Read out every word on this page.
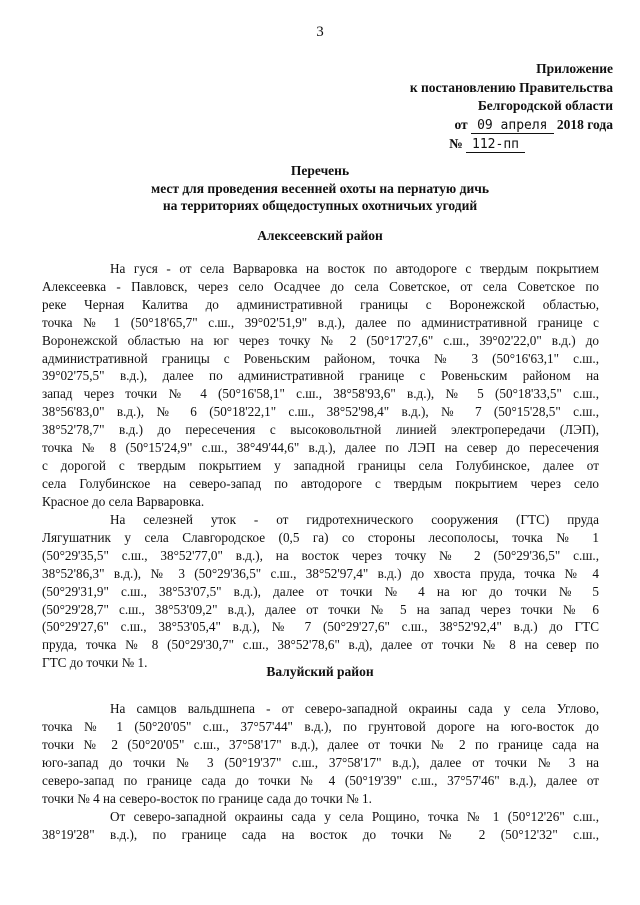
3
Приложение
к постановлению Правительства
Белгородской области
от 09 апреля 2018 года
№ 112-пп
Перечень
мест для проведения весенней охоты на пернатую дичь
на территориях общедоступных охотничьих угодий
Алексеевский район
На гуся - от села Варваровка на восток по автодороге с твердым покрытием
Алексеевка - Павловск, через село Осадчее до села Советское, от села Советское по
реке Черная Калитва до административной границы с Воронежской областью,
точка № 1 (50°18'65,7" с.ш., 39°02'51,9" в.д.), далее по административной границе с
Воронежской областью на юг через точку № 2 (50°17'27,6" с.ш., 39°02'22,0" в.д.) до
административной границы с Ровеньским районом, точка № 3 (50°16'63,1" с.ш.,
39°02'75,5" в.д.), далее по административной границе с Ровеньским районом на
запад через точки № 4 (50°16'58,1" с.ш., 38°58'93,6" в.д.), № 5 (50°18'33,5" с.ш.,
38°56'83,0" в.д.), № 6 (50°18'22,1" с.ш., 38°52'98,4" в.д.), № 7 (50°15'28,5" с.ш.,
38°52'78,7" в.д.) до пересечения с высоковольтной линией электропередачи (ЛЭП),
точка № 8 (50°15'24,9" с.ш., 38°49'44,6" в.д.), далее по ЛЭП на север до пересечения
с дорогой с твердым покрытием у западной границы села Голубинское, далее от
села Голубинское на северо-запад по автодороге с твердым покрытием через село
Красное до села Варваровка.
На селезней уток - от гидротехнического сооружения (ГТС) пруда
Лягушатник у села Славгородское (0,5 га) со стороны лесополосы, точка № 1
(50°29'35,5" с.ш., 38°52'77,0" в.д.), на восток через точку № 2 (50°29'36,5" с.ш.,
38°52'86,3" в.д.), № 3 (50°29'36,5" с.ш., 38°52'97,4" в.д.) до хвоста пруда, точка № 4
(50°29'31,9" с.ш., 38°53'07,5" в.д.), далее от точки № 4 на юг до точки № 5
(50°29'28,7" с.ш., 38°53'09,2" в.д.), далее от точки № 5 на запад через точки № 6
(50°29'27,6" с.ш., 38°53'05,4" в.д.), № 7 (50°29'27,6" с.ш., 38°52'92,4" в.д.) до ГТС
пруда, точка № 8 (50°29'30,7" с.ш., 38°52'78,6" в.д), далее от точки № 8 на север по
ГТС до точки № 1.
Валуйский район
На самцов вальдшнепа - от северо-западной окраины сада у села Углово,
точка № 1 (50°20'05" с.ш., 37°57'44" в.д.), по грунтовой дороге на юго-восток до
точки № 2 (50°20'05" с.ш., 37°58'17" в.д.), далее от точки № 2 по границе сада на
юго-запад до точки № 3 (50°19'37" с.ш., 37°58'17" в.д.), далее от точки № 3 на
северо-запад по границе сада до точки № 4 (50°19'39" с.ш., 37°57'46" в.д.), далее от
точки № 4 на северо-восток по границе сада до точки № 1.
От северо-западной окраины сада у села Рощино, точка № 1 (50°12'26" с.ш.,
38°19'28" в.д.), по границе сада на восток до точки № 2 (50°12'32" с.ш.,
